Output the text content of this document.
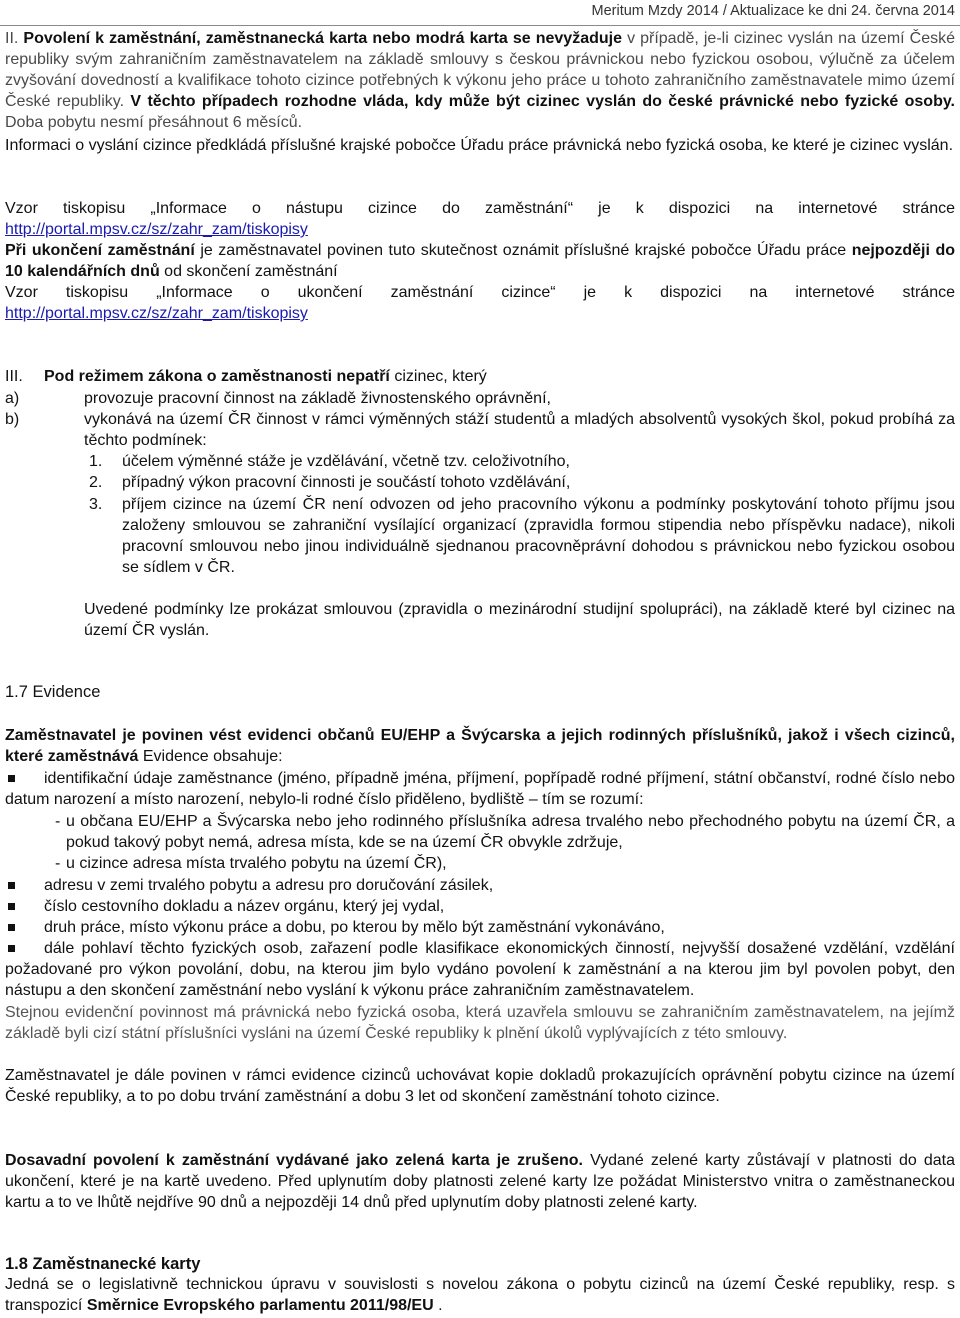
Meritum Mzdy 2014 / Aktualizace ke dni 24. června 2014

II. Povolení k zaměstnání, zaměstnanecká karta nebo modrá karta se nevyžaduje v případě, je-li cizinec vyslán na území České republiky svým zahraničním zaměstnavatelem na základě smlouvy s českou právnickou nebo fyzickou osobou, výlučně za účelem zvyšování dovedností a kvalifikace tohoto cizince potřebných k výkonu jeho práce u tohoto zahraničního zaměstnavatele mimo území České republiky. V těchto případech rozhodne vláda, kdy může být cizinec vyslán do české právnické nebo fyzické osoby. Doba pobytu nesmí přesáhnout 6 měsíců.

Informaci o vyslání cizince předkládá příslušné krajské pobočce Úřadu práce právnická nebo fyzická osoba, ke které je cizinec vyslán.

Vzor tiskopisu „Informace o nástupu cizince do zaměstnání“ je k dispozici na internetové stránce http://portal.mpsv.cz/sz/zahr_zam/tiskopisy

Při ukončení zaměstnání je zaměstnavatel povinen tuto skutečnost oznámit příslušné krajské pobočce Úřadu práce nejpozději do 10 kalendářních dnů od skončení zaměstnání

Vzor tiskopisu „Informace o ukončení zaměstnání cizince“ je k dispozici na internetové stránce http://portal.mpsv.cz/sz/zahr_zam/tiskopisy

III. Pod režimem zákona o zaměstnanosti nepatří cizinec, který
a)	provozuje pracovní činnost na základě živnostenského oprávnění,
b)	vykonává na území ČR činnost v rámci výměnných stáží studentů a mladých absolventů vysokých škol, pokud probíhá za těchto podmínek:
1. účelem výměnné stáže je vzdělávání, včetně tzv. celoživotního,
2. případný výkon pracovní činnosti je součástí tohoto vzdělávání,
3. příjem cizince na území ČR není odvozen od jeho pracovního výkonu a podmínky poskytování tohoto příjmu jsou založeny smlouvou se zahraniční vysílající organizací (zpravidla formou stipendia nebo příspěvku nadace), nikoli pracovní smlouvou nebo jinou individuálně sjednanou pracovněprávní dohodou s právnickou nebo fyzickou osobou se sídlem v ČR.

Uvedené podmínky lze prokázat smlouvou (zpravidla o mezinárodní studijní spolupráci), na základě které byl cizinec na území ČR vyslán.

1.7 Evidence

Zaměstnavatel je povinen vést evidenci občanů EU/EHP a Švýcarska a jejich rodinných příslušníků, jakož i všech cizinců, které zaměstnává Evidence obsahuje:

identifikační údaje zaměstnance (jméno, případně jména, příjmení, popřípadě rodné příjmení, státní občanství, rodné číslo nebo datum narození a místo narození, nebylo-li rodné číslo přiděleno, bydliště – tím se rozumí:

- u občana EU/EHP a Švýcarska nebo jeho rodinného příslušníka adresa trvalého nebo přechodného pobytu na území ČR, a pokud takový pobyt nemá, adresa místa, kde se na území ČR obvykle zdržuje,

- u cizince adresa místa trvalého pobytu na území ČR),

adresu v zemi trvalého pobytu a adresu pro doručování zásilek,

číslo cestovního dokladu a název orgánu, který jej vydal,

druh práce, místo výkonu práce a dobu, po kterou by mělo být zaměstnání vykonáváno,

dále pohlaví těchto fyzických osob, zařazení podle klasifikace ekonomických činností, nejvyšší dosažené vzdělání, vzdělání požadované pro výkon povolání, dobu, na kterou jim bylo vydáno povolení k zaměstnání a na kterou jim byl povolen pobyt, den nástupu a den skončení zaměstnání nebo vyslání k výkonu práce zahraničním zaměstnavatelem.

Stejnou evidenční povinnost má právnická nebo fyzická osoba, která uzavřela smlouvu se zahraničním zaměstnavatelem, na jejímž základě byli cizí státní příslušníci vysláni na území České republiky k plnění úkolů vyplývajících z této smlouvy.

Zaměstnavatel je dále povinen v rámci evidence cizinců uchovávat kopie dokladů prokazujících oprávnění pobytu cizince na území České republiky, a to po dobu trvání zaměstnání a dobu 3 let od skončení zaměstnání tohoto cizince.

Dosavadní povolení k zaměstnání vydávané jako zelená karta je zrušeno. Vydané zelené karty zůstávají v platnosti do data ukončení, které je na kartě uvedeno. Před uplynutím doby platnosti zelené karty lze požádat Ministerstvo vnitra o zaměstnaneckou kartu a to ve lhůtě nejdříve 90 dnů a nejpozději 14 dnů před uplynutím doby platnosti zelené karty.

1.8 Zaměstnanecké karty

Jedná se o legislativně technickou úpravu v souvislosti s novelou zákona o pobytu cizinců na území České republiky, resp. s transpozicí Směrnice Evropského parlamentu 2011/98/EU .
